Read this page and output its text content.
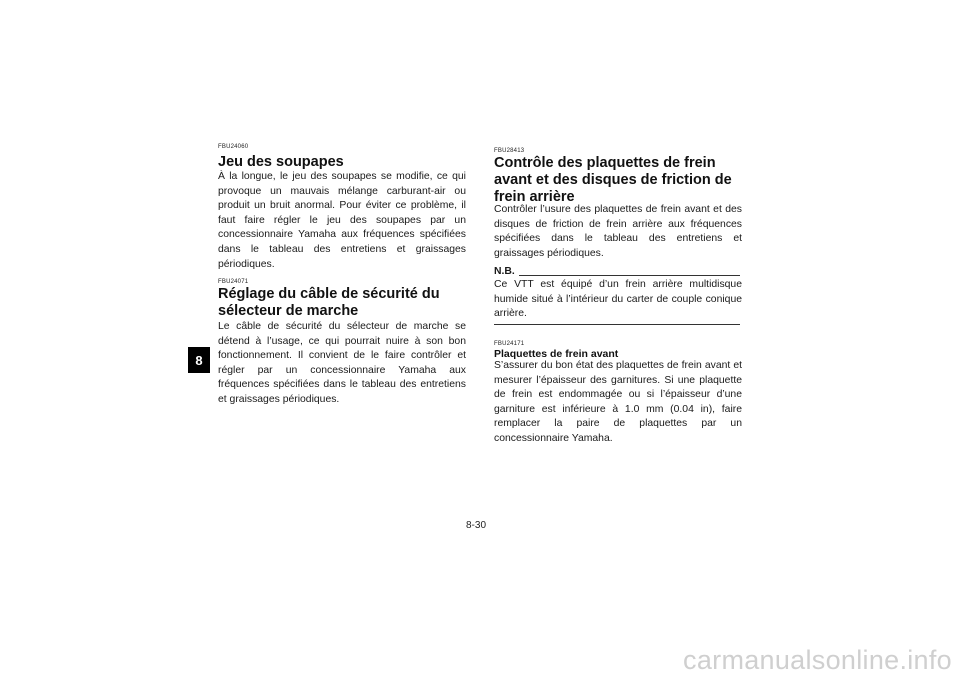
8
FBU24060
Jeu des soupapes
À la longue, le jeu des soupapes se modifie, ce qui provoque un mauvais mélange carburant-air ou produit un bruit anormal. Pour éviter ce problème, il faut faire régler le jeu des soupapes par un concessionnaire Yamaha aux fréquences spécifiées dans le tableau des entretiens et graissages périodiques.
FBU24071
Réglage du câble de sécurité du sélecteur de marche
Le câble de sécurité du sélecteur de marche se détend à l’usage, ce qui pourrait nuire à son bon fonctionnement. Il convient de le faire contrôler et régler par un concessionnaire Yamaha aux fréquences spécifiées dans le tableau des entretiens et graissages périodiques.
FBU28413
Contrôle des plaquettes de frein avant et des disques de friction de frein arrière
Contrôler l’usure des plaquettes de frein avant et des disques de friction de frein arrière aux fréquences spécifiées dans le tableau des entretiens et graissages périodiques.
N.B.
Ce VTT est équipé d’un frein arrière multidisque humide situé à l’intérieur du carter de couple conique arrière.
FBU24171
Plaquettes de frein avant
S’assurer du bon état des plaquettes de frein avant et mesurer l’épaisseur des garnitures. Si une plaquette de frein est endommagée ou si l’épaisseur d’une garniture est inférieure à 1.0 mm (0.04 in), faire remplacer la paire de plaquettes par un concessionnaire Yamaha.
8-30
carmanualsonline.info
